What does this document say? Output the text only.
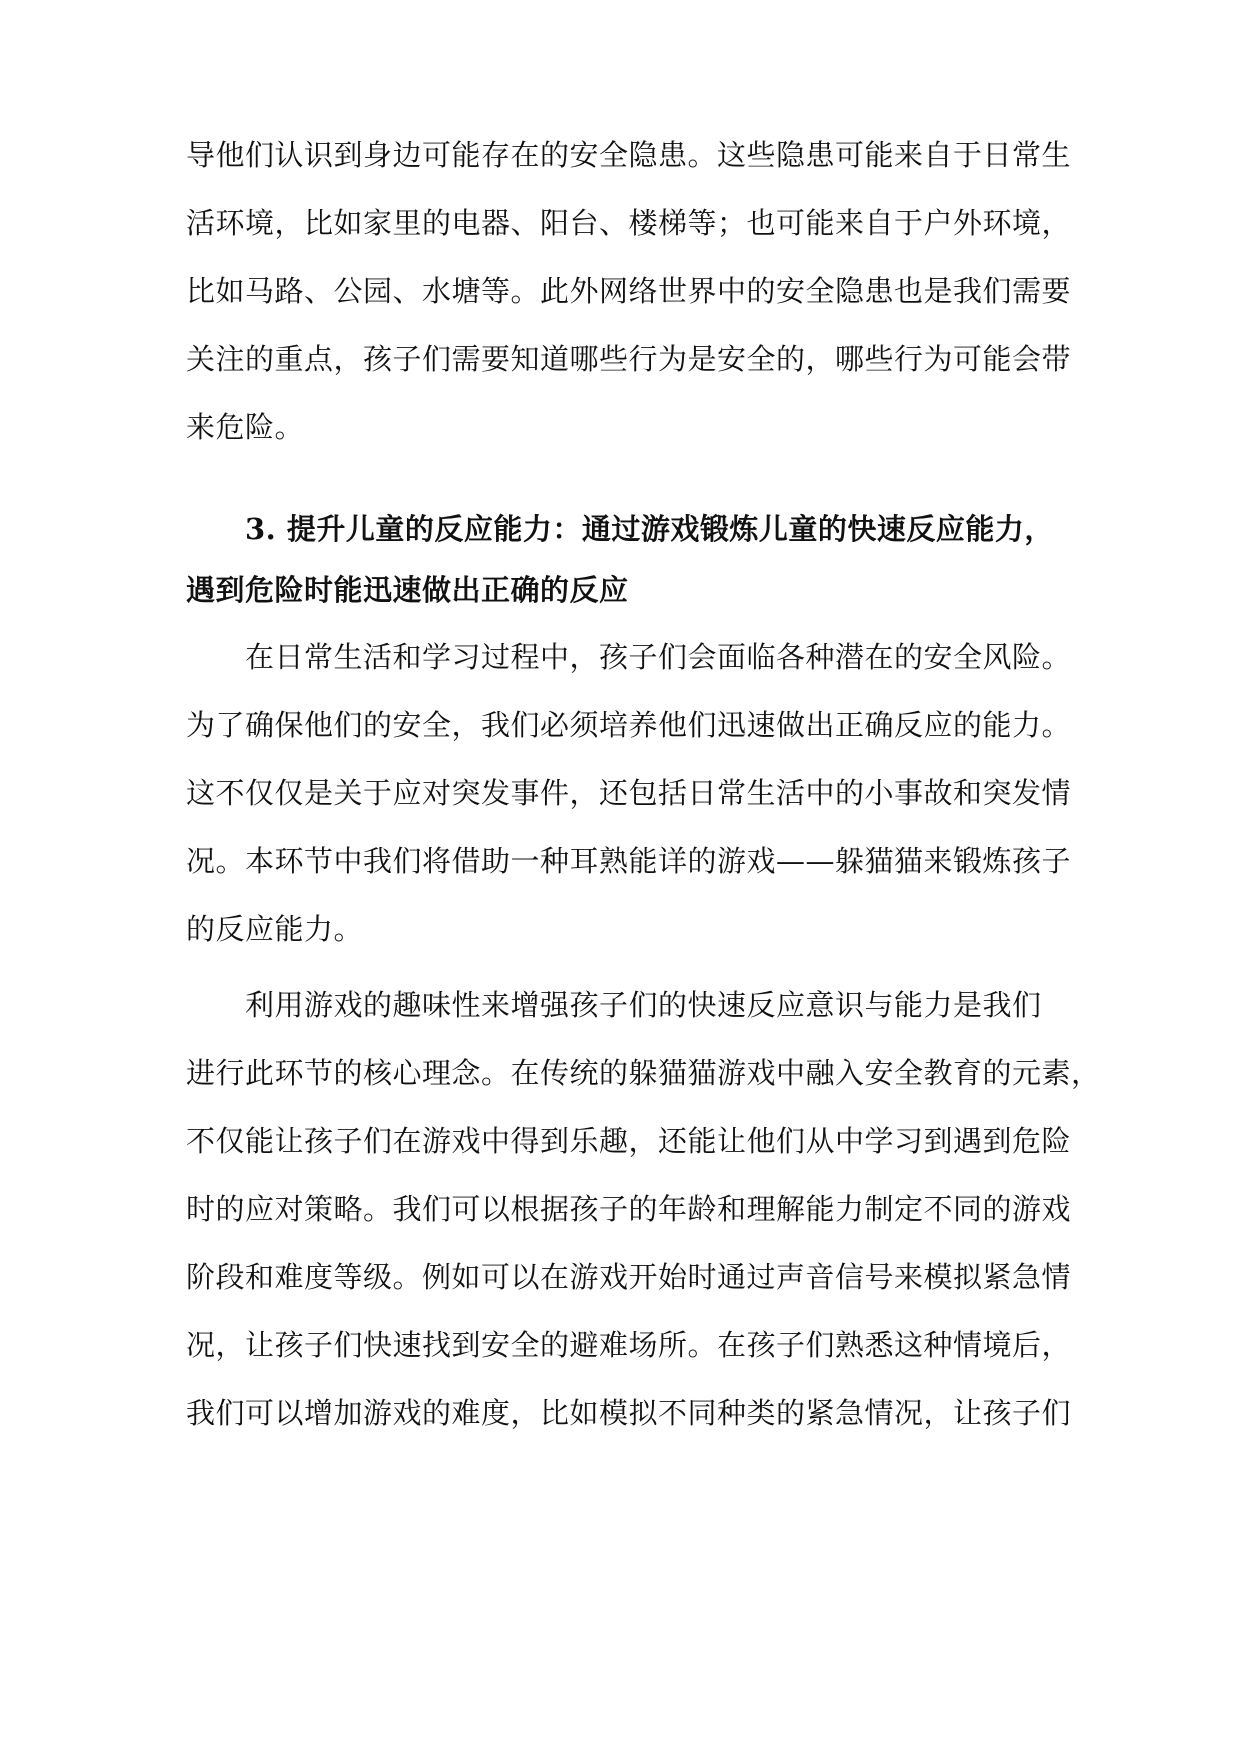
导他们认识到身边可能存在的安全隐患。这些隐患可能来自于日常生
活环境，比如家里的电器、阳台、楼梯等；也可能来自于户外环境，
比如马路、公园、水塘等。此外网络世界中的安全隐患也是我们需要
关注的重点，孩子们需要知道哪些行为是安全的，哪些行为可能会带
来危险。
3. 提升儿童的反应能力：通过游戏锻炼儿童的快速反应能力，
遇到危险时能迅速做出正确的反应
在日常生活和学习过程中，孩子们会面临各种潜在的安全风险。
为了确保他们的安全，我们必须培养他们迅速做出正确反应的能力。
这不仅仅是关于应对突发事件，还包括日常生活中的小事故和突发情
况。本环节中我们将借助一种耳熟能详的游戏——躲猫猫来锻炼孩子
的反应能力。
利用游戏的趣味性来增强孩子们的快速反应意识与能力是我们
进行此环节的核心理念。在传统的躲猫猫游戏中融入安全教育的元素，
不仅能让孩子们在游戏中得到乐趣，还能让他们从中学习到遇到危险
时的应对策略。我们可以根据孩子的年龄和理解能力制定不同的游戏
阶段和难度等级。例如可以在游戏开始时通过声音信号来模拟紧急情
况，让孩子们快速找到安全的避难场所。在孩子们熟悉这种情境后，
我们可以增加游戏的难度，比如模拟不同种类的紧急情况，让孩子们
